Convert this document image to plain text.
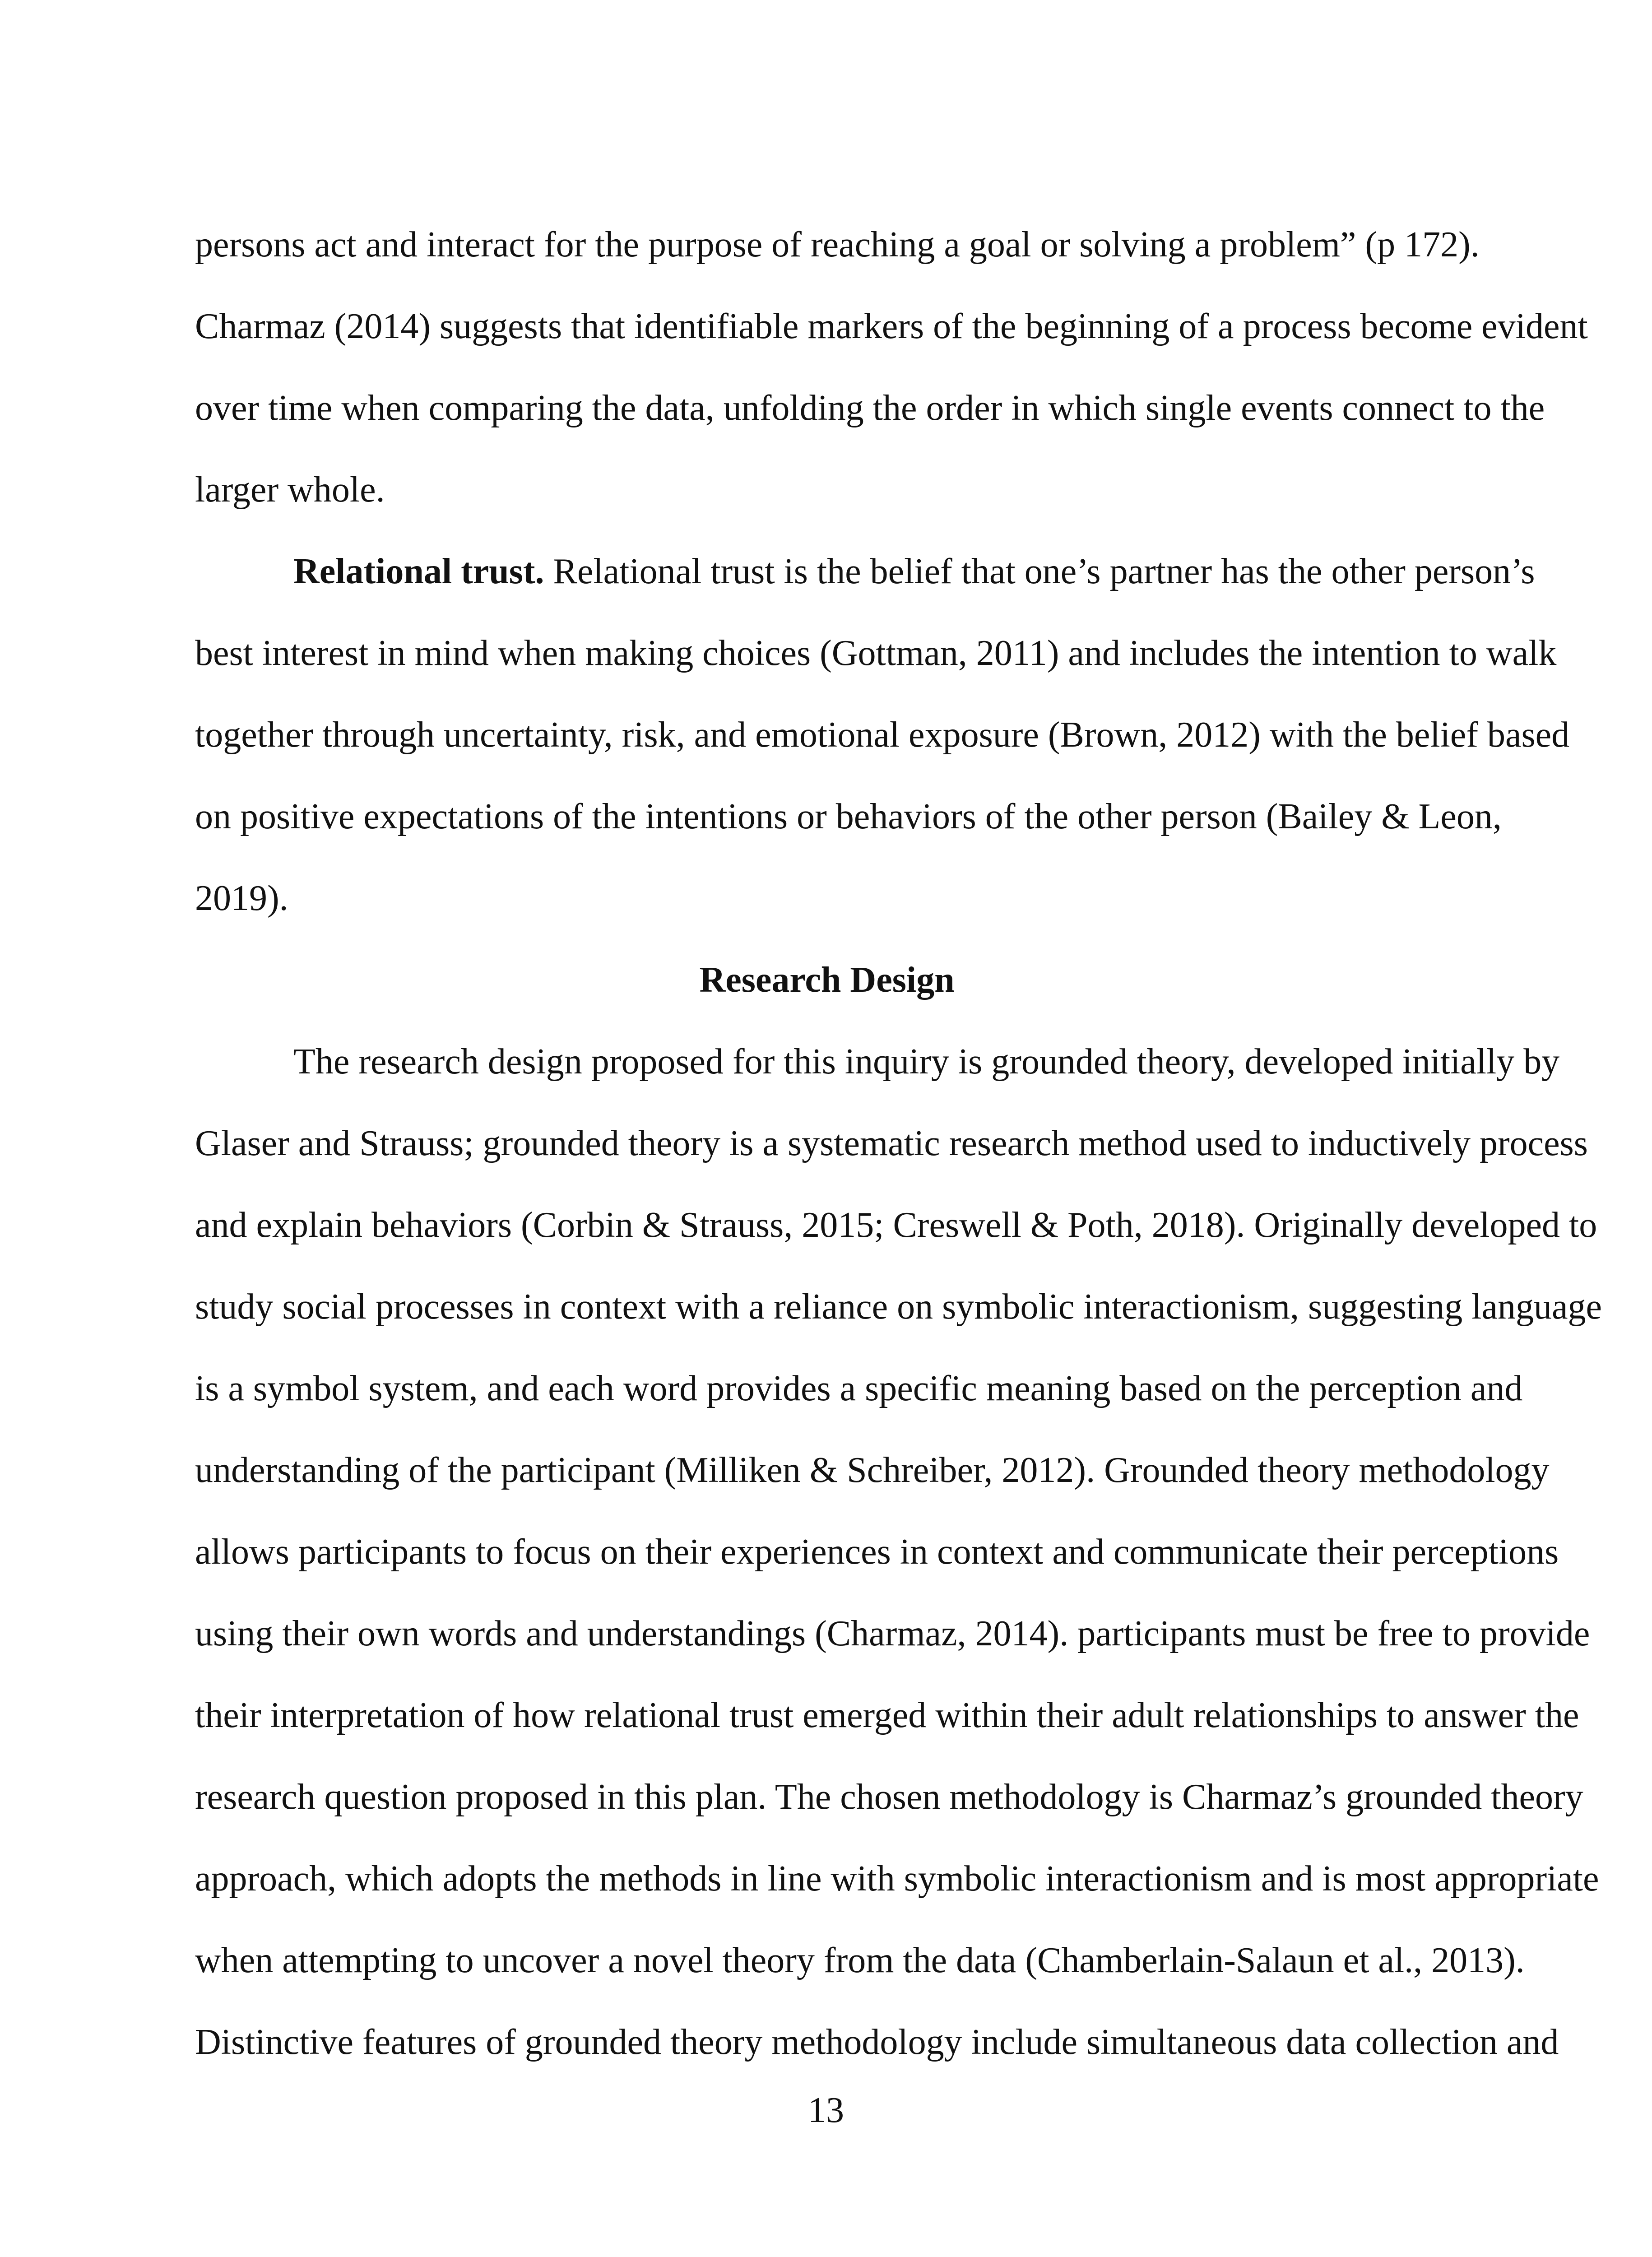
persons act and interact for the purpose of reaching a goal or solving a problem” (p 172).
Charmaz (2014) suggests that identifiable markers of the beginning of a process become evident
over time when comparing the data, unfolding the order in which single events connect to the
larger whole.

Relational trust. Relational trust is the belief that one’s partner has the other person’s
best interest in mind when making choices (Gottman, 2011) and includes the intention to walk
together through uncertainty, risk, and emotional exposure (Brown, 2012) with the belief based
on positive expectations of the intentions or behaviors of the other person (Bailey & Leon,
2019).

Research Design

The research design proposed for this inquiry is grounded theory, developed initially by
Glaser and Strauss; grounded theory is a systematic research method used to inductively process
and explain behaviors (Corbin & Strauss, 2015; Creswell & Poth, 2018). Originally developed to
study social processes in context with a reliance on symbolic interactionism, suggesting language
is a symbol system, and each word provides a specific meaning based on the perception and
understanding of the participant (Milliken & Schreiber, 2012). Grounded theory methodology
allows participants to focus on their experiences in context and communicate their perceptions
using their own words and understandings (Charmaz, 2014). participants must be free to provide
their interpretation of how relational trust emerged within their adult relationships to answer the
research question proposed in this plan. The chosen methodology is Charmaz’s grounded theory
approach, which adopts the methods in line with symbolic interactionism and is most appropriate
when attempting to uncover a novel theory from the data (Chamberlain-Salaun et al., 2013).
Distinctive features of grounded theory methodology include simultaneous data collection and

13
